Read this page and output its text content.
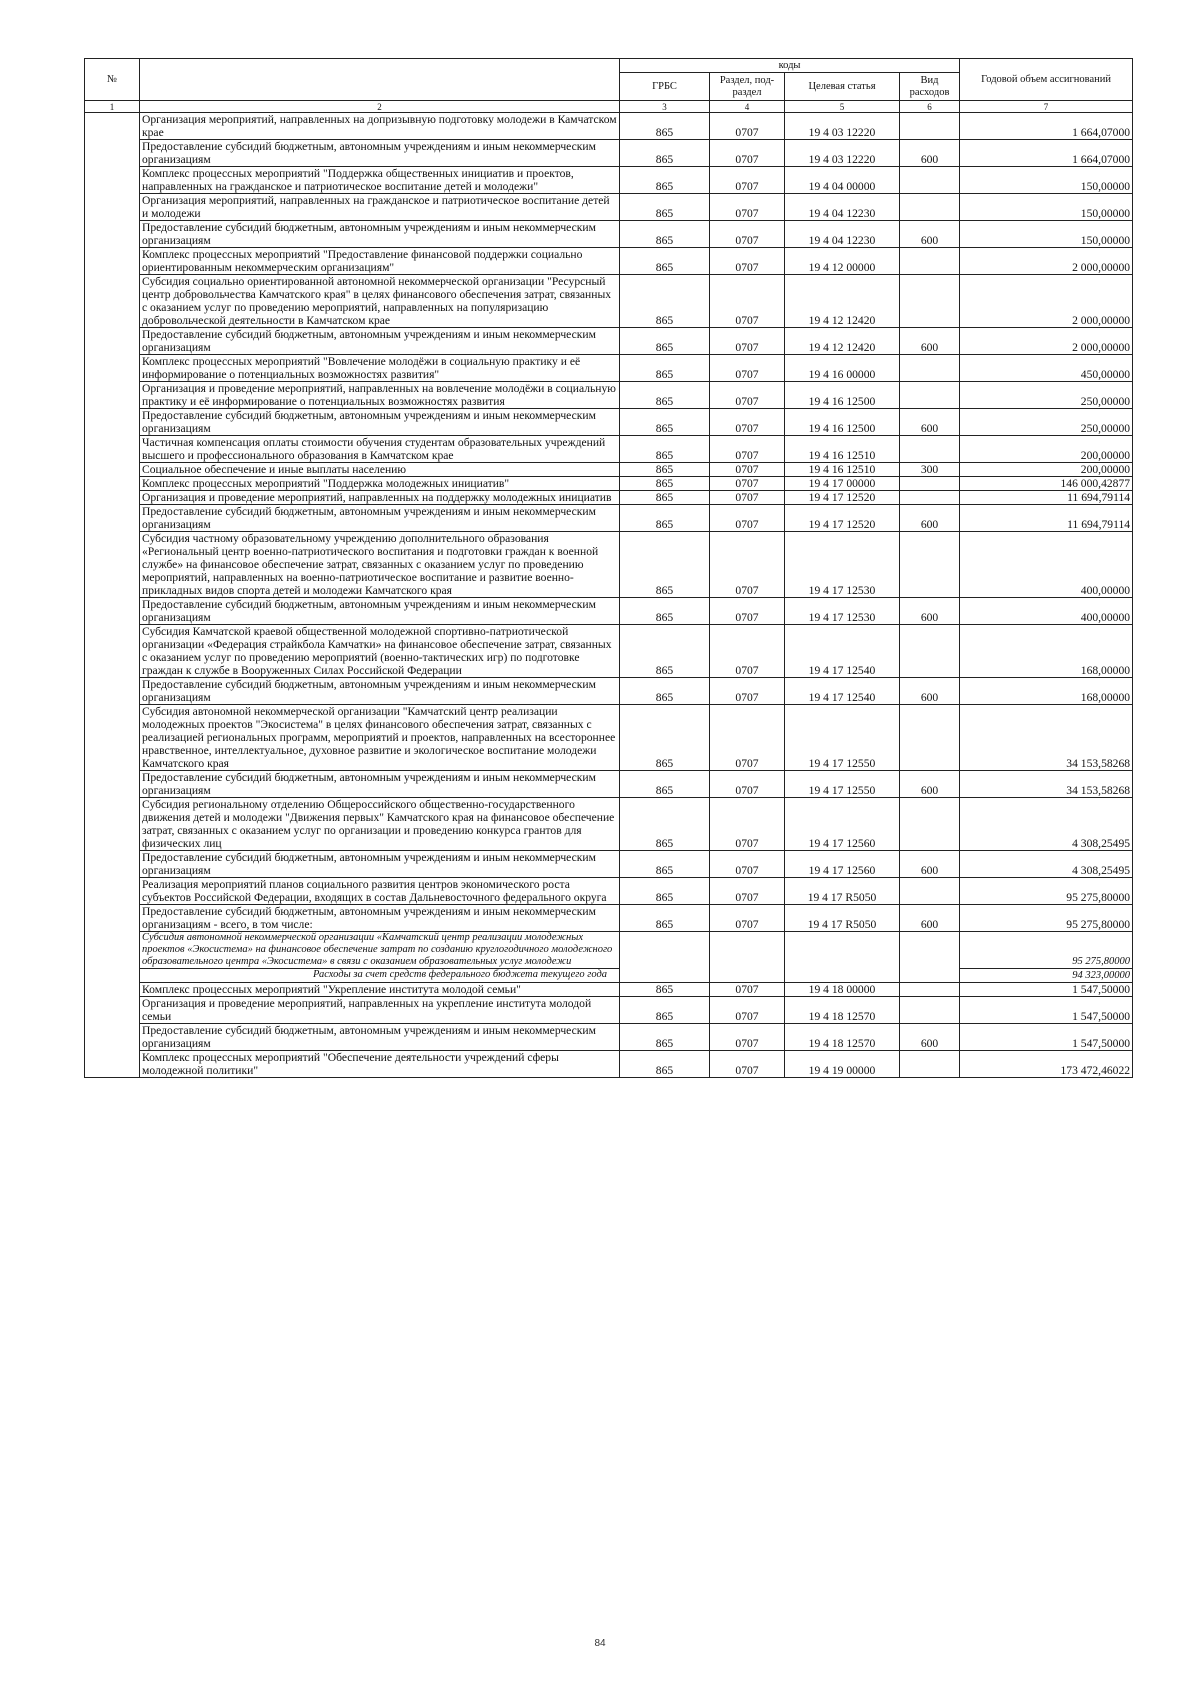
№		коды				Годовой объем ассигнований
		ГРБС	Раздел, под-раздел	Целевая статья	Вид расходов	
1	2	3	4	5	6	7
	Организация мероприятий, направленных на допризывную подготовку молодежи в Камчатском крае	865	0707	19 4 03 12220		1 664,07000
	Предоставление субсидий бюджетным, автономным учреждениям и иным некоммерческим организациям	865	0707	19 4 03 12220	600	1 664,07000
	Комплекс процессных мероприятий "Поддержка общественных инициатив и проектов, направленных на гражданское и патриотическое воспитание детей и молодежи"	865	0707	19 4 04 00000		150,00000
	Организация мероприятий, направленных на гражданское и патриотическое воспитание детей и молодежи	865	0707	19 4 04 12230		150,00000
	Предоставление субсидий бюджетным, автономным учреждениям и иным некоммерческим организациям	865	0707	19 4 04 12230	600	150,00000
	Комплекс процессных мероприятий "Предоставление финансовой поддержки социально ориентированным некоммерческим организациям"	865	0707	19 4 12 00000		2 000,00000
	Субсидия социально ориентированной автономной некоммерческой организации "Ресурсный центр добровольчества Камчатского края" в целях финансового обеспечения затрат, связанных с оказанием услуг по проведению мероприятий, направленных на популяризацию добровольческой деятельности в Камчатском крае	865	0707	19 4 12 12420		2 000,00000
	Предоставление субсидий бюджетным, автономным учреждениям и иным некоммерческим организациям	865	0707	19 4 12 12420	600	2 000,00000
	Комплекс процессных мероприятий "Вовлечение молодёжи в социальную практику и её информирование о потенциальных возможностях развития"	865	0707	19 4 16 00000		450,00000
	Организация и проведение мероприятий, направленных на вовлечение молодёжи в социальную практику и её информирование о потенциальных возможностях развития	865	0707	19 4 16 12500		250,00000
	Предоставление субсидий бюджетным, автономным учреждениям и иным некоммерческим организациям	865	0707	19 4 16 12500	600	250,00000
	Частичная компенсация оплаты стоимости обучения студентам образовательных учреждений высшего и профессионального образования в Камчатском крае	865	0707	19 4 16 12510		200,00000
	Социальное обеспечение и иные выплаты населению	865	0707	19 4 16 12510	300	200,00000
	Комплекс процессных мероприятий "Поддержка молодежных инициатив"	865	0707	19 4 17 00000		146 000,42877
	Организация и проведение мероприятий, направленных на поддержку молодежных инициатив	865	0707	19 4 17 12520		11 694,79114
	Предоставление субсидий бюджетным, автономным учреждениям и иным некоммерческим организациям	865	0707	19 4 17 12520	600	11 694,79114
	Субсидия частному образовательному учреждению дополнительного образования «Региональный центр военно-патриотического воспитания и подготовки граждан к военной службе» на финансовое обеспечение затрат, связанных с оказанием услуг по проведению мероприятий, направленных на военно-патриотическое воспитание и развитие военно-прикладных видов спорта детей и молодежи Камчатского края	865	0707	19 4 17 12530		400,00000
	Предоставление субсидий бюджетным, автономным учреждениям и иным некоммерческим организациям	865	0707	19 4 17 12530	600	400,00000
	Субсидия Камчатской краевой общественной молодежной спортивно-патриотической организации «Федерация страйкбола Камчатки» на финансовое обеспечение затрат, связанных с оказанием услуг по проведению мероприятий (военно-тактических игр) по подготовке граждан к службе в Вооруженных Силах Российской Федерации	865	0707	19 4 17 12540		168,00000
	Предоставление субсидий бюджетным, автономным учреждениям и иным некоммерческим организациям	865	0707	19 4 17 12540	600	168,00000
	Субсидия автономной некоммерческой организации "Камчатский центр реализации молодежных проектов "Экосистема" в целях финансового обеспечения затрат, связанных с реализацией региональных программ, мероприятий и проектов, направленных на всестороннее нравственное, интеллектуальное, духовное развитие и экологическое воспитание молодежи Камчатского края	865	0707	19 4 17 12550		34 153,58268
	Предоставление субсидий бюджетным, автономным учреждениям и иным некоммерческим организациям	865	0707	19 4 17 12550	600	34 153,58268
	Субсидия региональному отделению Общероссийского общественно-государственного движения детей и молодежи "Движения первых" Камчатского края на финансовое обеспечение затрат, связанных с оказанием услуг по организации и проведению конкурса грантов для физических лиц	865	0707	19 4 17 12560		4 308,25495
	Предоставление субсидий бюджетным, автономным учреждениям и иным некоммерческим организациям	865	0707	19 4 17 12560	600	4 308,25495
	Реализация мероприятий планов социального развития центров экономического роста субъектов Российской Федерации, входящих в состав Дальневосточного федерального округа	865	0707	19 4 17 R5050		95 275,80000
	Предоставление субсидий бюджетным, автономным учреждениям и иным некоммерческим организациям - всего, в том числе:	865	0707	19 4 17 R5050	600	95 275,80000
	Субсидия автономной некоммерческой организации «Камчатский центр реализации молодежных проектов «Экосистема» на финансовое обеспечение затрат по созданию круглогодичного молодежного образовательного центра «Экосистема» в связи с оказанием образовательных услуг молодежи					95 275,80000
	Расходы за счет средств федерального бюджета текущего года					94 323,00000
	Комплекс процессных мероприятий "Укрепление института молодой семьи"	865	0707	19 4 18 00000		1 547,50000
	Организация и проведение мероприятий, направленных на укрепление института молодой семьи	865	0707	19 4 18 12570		1 547,50000
	Предоставление субсидий бюджетным, автономным учреждениям и иным некоммерческим организациям	865	0707	19 4 18 12570	600	1 547,50000
	Комплекс процессных мероприятий "Обеспечение деятельности учреждений сферы молодежной политики"	865	0707	19 4 19 00000		173 472,46022
84
